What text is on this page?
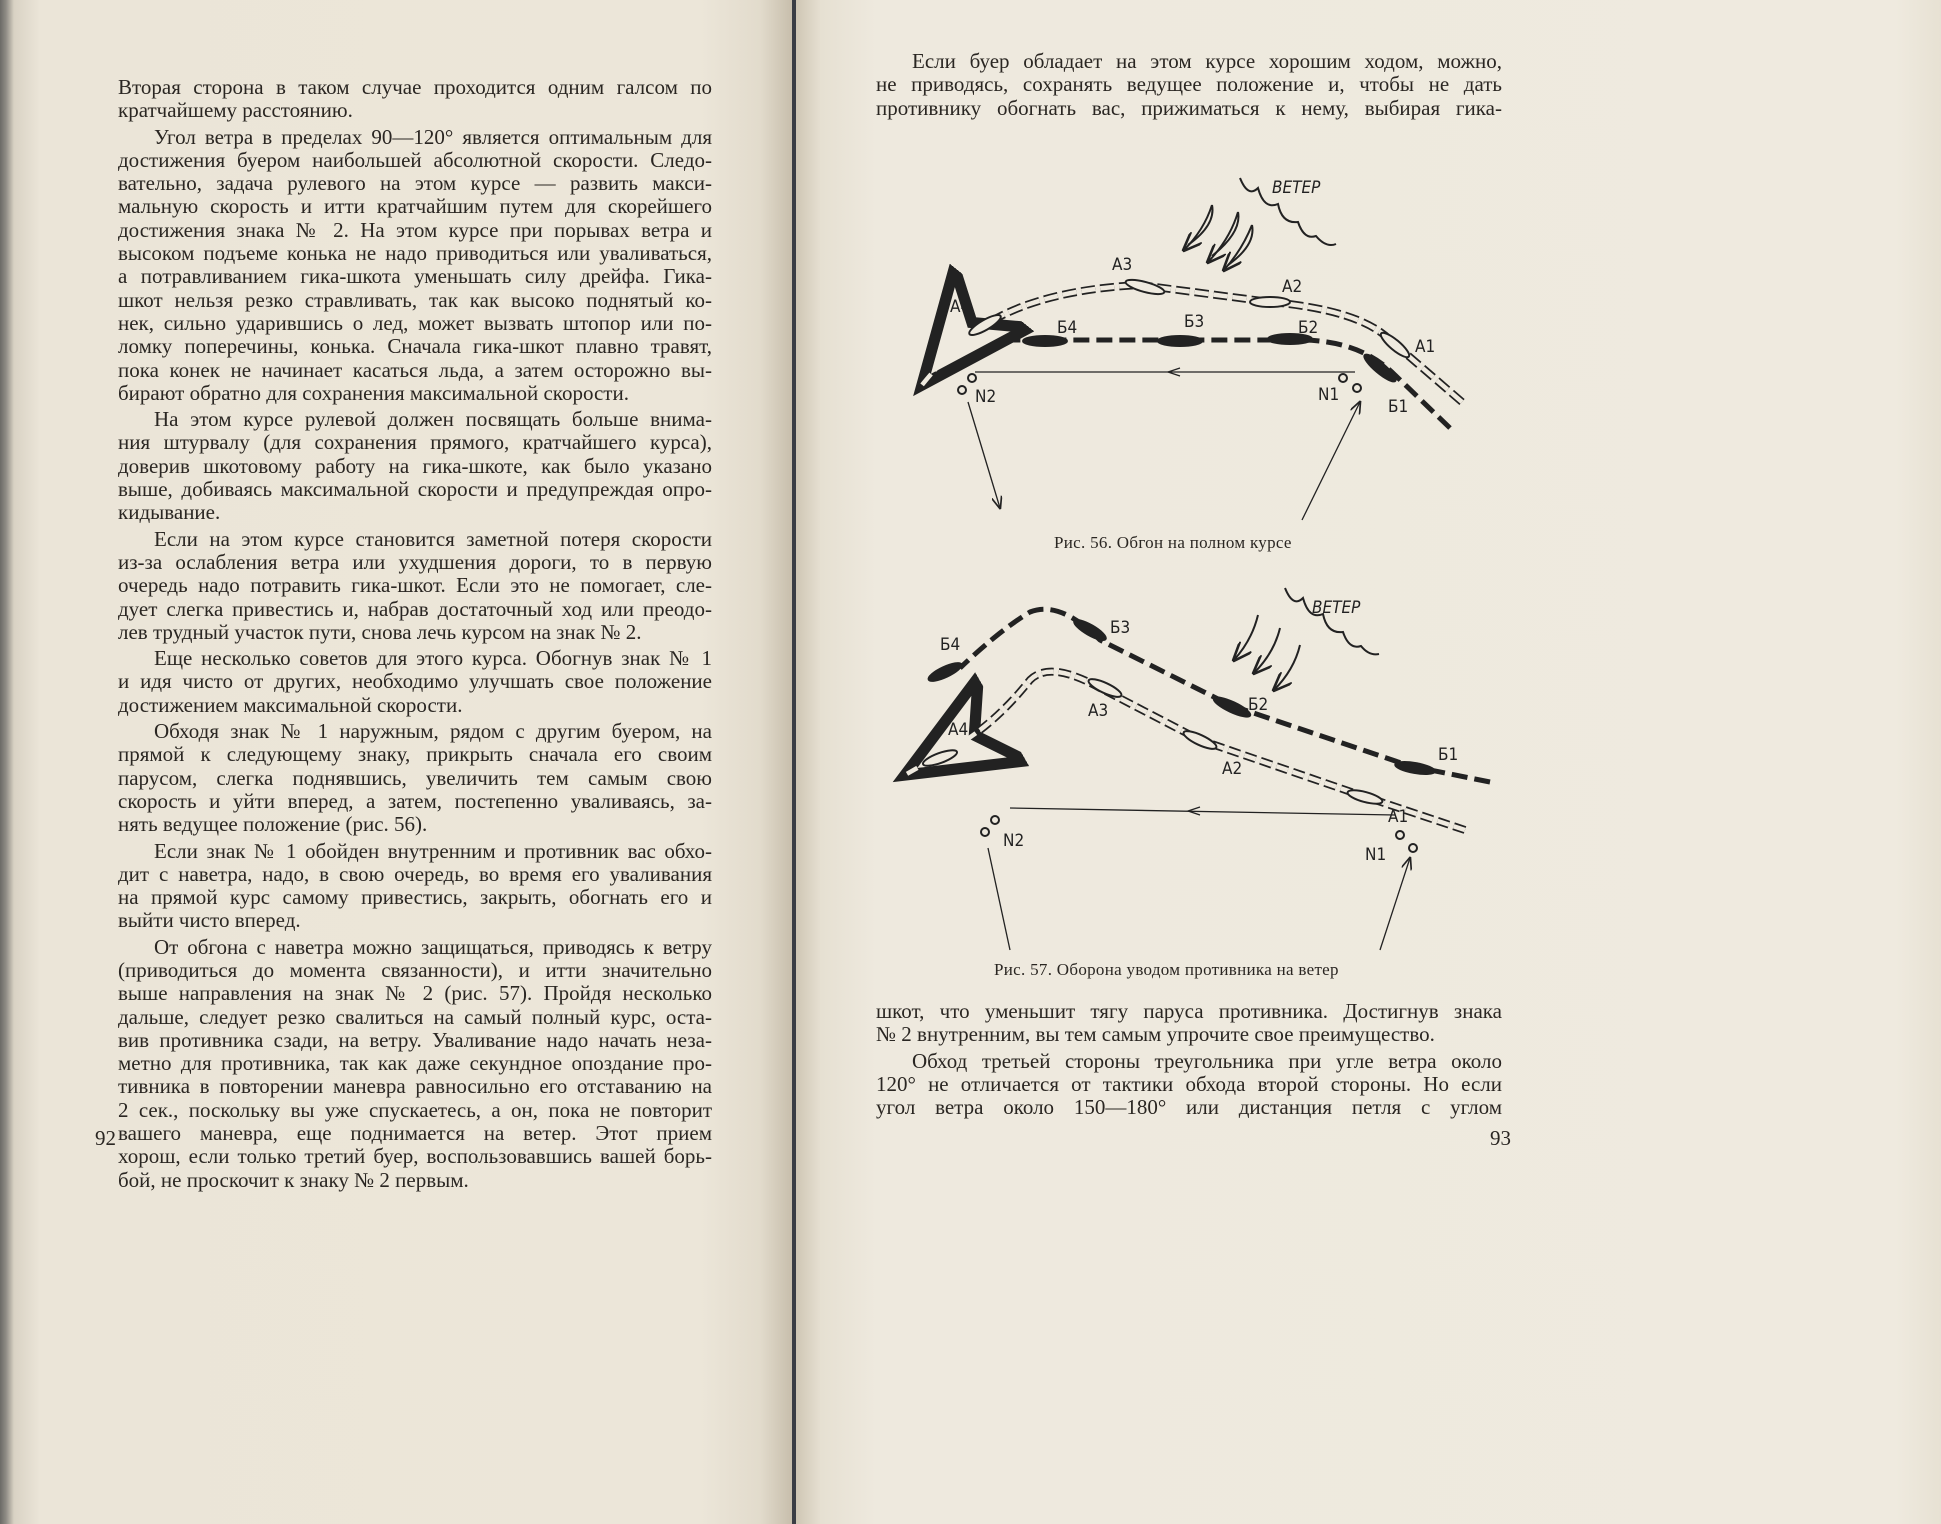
Вторая сторона в таком случае проходится одним галсом по
кратчайшему расстоянию.
Угол ветра в пределах 90—120° является оптимальным для
достижения буером наибольшей абсолютной скорости. Следо-
вательно, задача рулевого на этом курсе — развить макси-
мальную скорость и итти кратчайшим путем для скорейшего
достижения знака № 2. На этом курсе при порывах ветра и
высоком подъеме конька не надо приводиться или уваливаться,
а потравливанием гика-шкота уменьшать силу дрейфа. Гика-
шкот нельзя резко стравливать, так как высоко поднятый ко-
нек, сильно ударившись о лед, может вызвать штопор или по-
ломку поперечины, конька. Сначала гика-шкот плавно травят,
пока конек не начинает касаться льда, а затем осторожно вы-
бирают обратно для сохранения максимальной скорости.
На этом курсе рулевой должен посвящать больше внима-
ния штурвалу (для сохранения прямого, кратчайшего курса),
доверив шкотовому работу на гика-шкоте, как было указано
выше, добиваясь максимальной скорости и предупреждая опро-
кидывание.
Если на этом курсе становится заметной потеря скорости
из-за ослабления ветра или ухудшения дороги, то в первую
очередь надо потравить гика-шкот. Если это не помогает, сле-
дует слегка привестись и, набрав достаточный ход или преодо-
лев трудный участок пути, снова лечь курсом на знак № 2.
Еще несколько советов для этого курса. Обогнув знак № 1
и идя чисто от других, необходимо улучшать свое положение
достижением максимальной скорости.
Обходя знак № 1 наружным, рядом с другим буером, на
прямой к следующему знаку, прикрыть сначала его своим
парусом, слегка поднявшись, увеличить тем самым свою
скорость и уйти вперед, а затем, постепенно уваливаясь, за-
нять ведущее положение (рис. 56).
Если знак № 1 обойден внутренним и противник вас обхо-
дит с наветра, надо, в свою очередь, во время его уваливания
на прямой курс самому привестись, закрыть, обогнать его и
выйти чисто вперед.
От обгона с наветра можно защищаться, приводясь к ветру
(приводиться до момента связанности), и итти значительно
выше направления на знак № 2 (рис. 57). Пройдя несколько
дальше, следует резко свалиться на самый полный курс, оста-
вив противника сзади, на ветру. Уваливание надо начать неза-
метно для противника, так как даже секундное опоздание про-
тивника в повторении маневра равносильно его отставанию на
2 сек., поскольку вы уже спускаетесь, а он, пока не повторит
вашего маневра, еще поднимается на ветер. Этот прием
хорош, если только третий буер, воспользовавшись вашей борь-
бой, не проскочит к знаку № 2 первым.
92
Если буер обладает на этом курсе хорошим ходом, можно,
не приводясь, сохранять ведущее положение и, чтобы не дать
противнику обогнать вас, прижиматься к нему, выбирая гика-
ВЕТЕР
А3
А2
А4
А1
Б4	Б3	Б2
Б1
N1
N2
ВЕТЕР
Б4
Б3
Б2
Б1
А3
А2
А4
А1
N1
N2
Рис. 56. Обгон на полном курсе
Рис. 57. Оборона уводом противника на ветер
шкот, что уменьшит тягу паруса противника. Достигнув знака
№ 2 внутренним, вы тем самым упрочите свое преимущество.
Обход третьей стороны треугольника при угле ветра около
120° не отличается от тактики обхода второй стороны. Но если
угол ветра около 150—180° или дистанция петля с углом
93
